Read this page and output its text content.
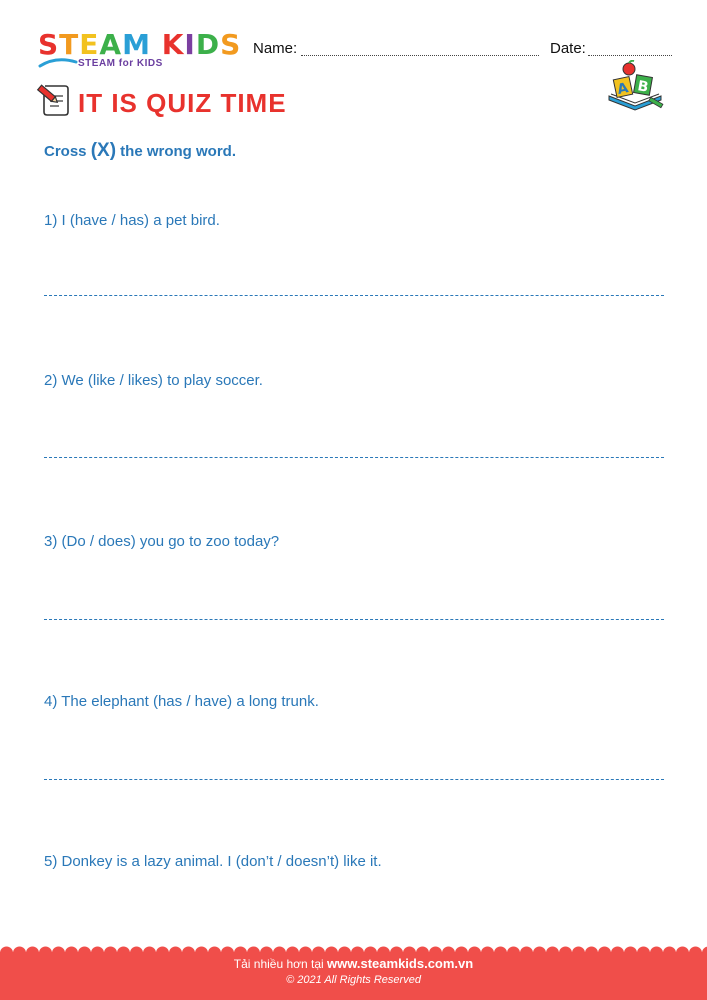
STEAM KIDS
STEAM for KIDS
Name:	Date:
IT IS QUIZ TIME	A B
Cross (X) the wrong word.
1) I (have / has) a pet bird.
2) We (like / likes) to play soccer.
3) (Do / does) you go to zoo today?
4) The elephant (has / have) a long trunk.
5) Donkey is a lazy animal. I (don’t / doesn’t) like it.
Tải nhiều hơn tại www.steamkids.com.vn
© 2021 All Rights Reserved
